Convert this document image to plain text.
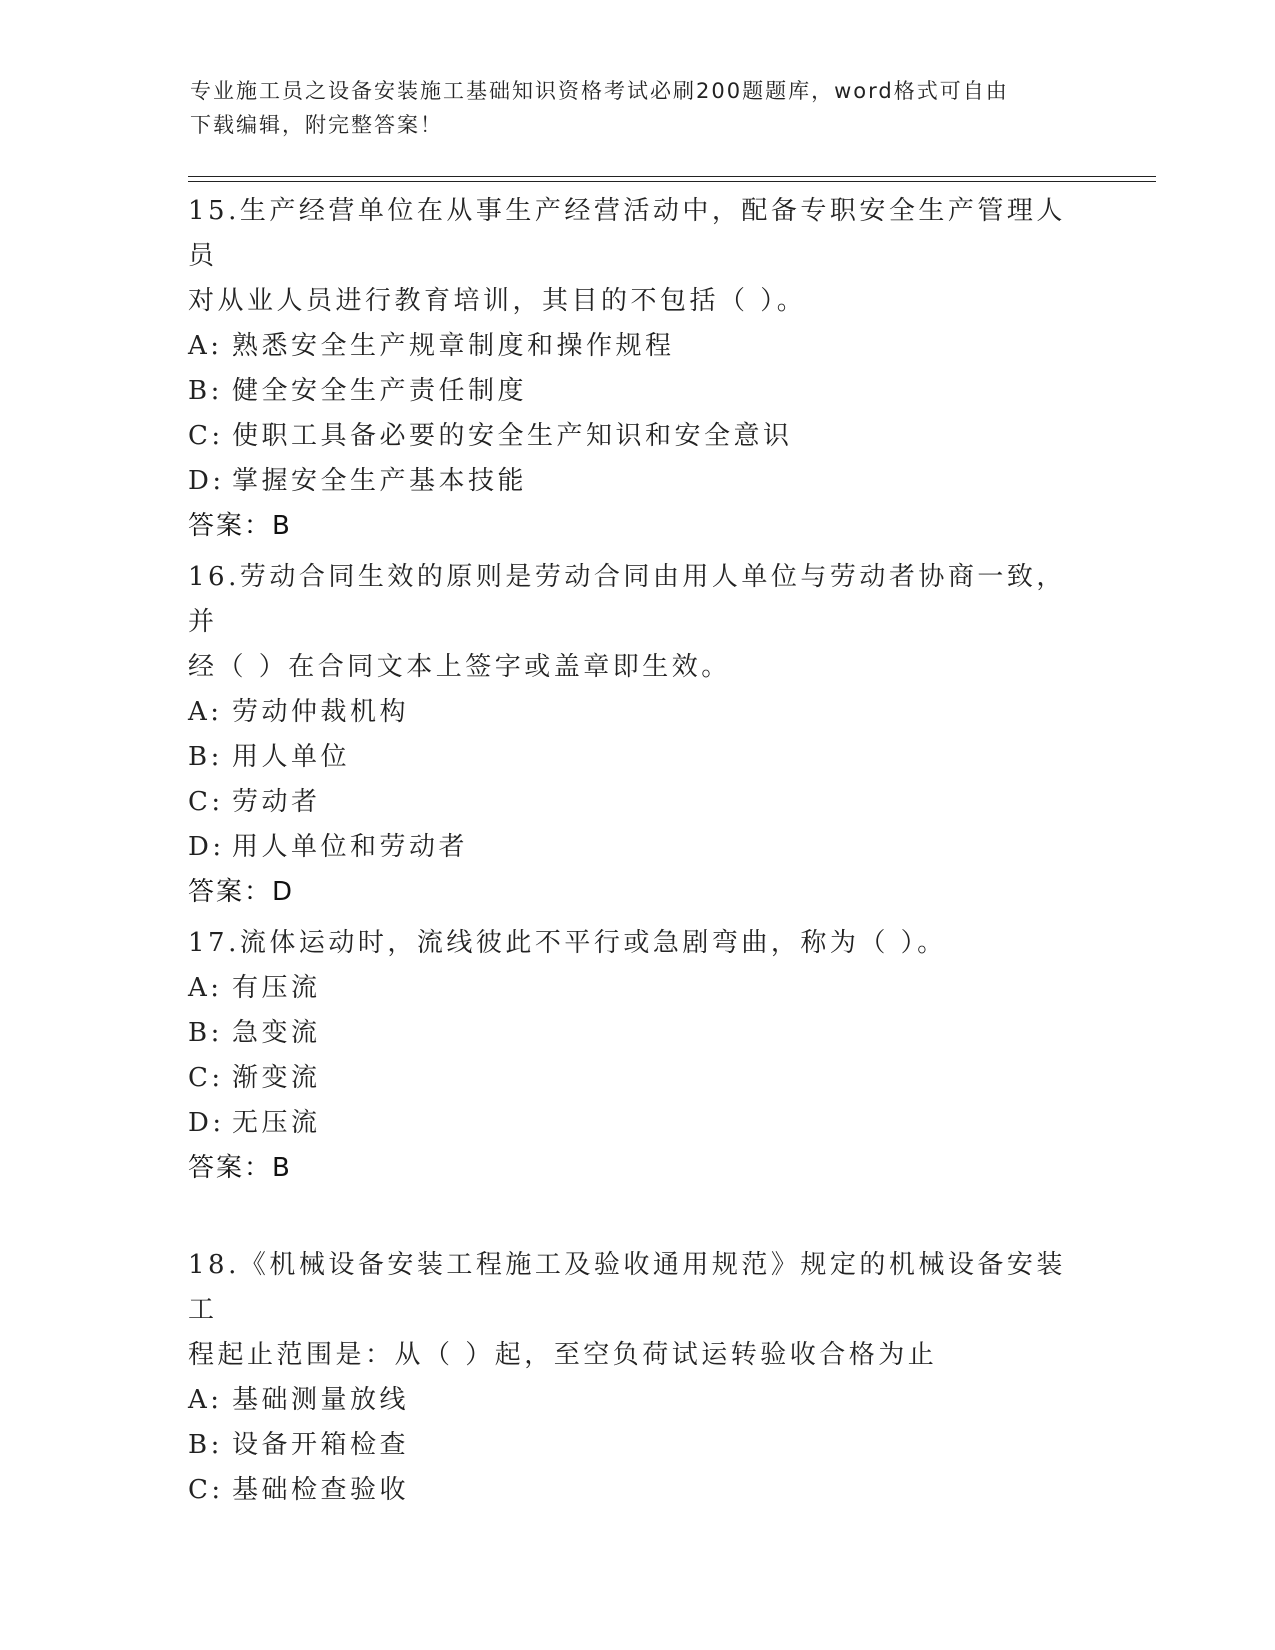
专业施工员之设备安装施工基础知识资格考试必刷200题题库，word格式可自由
下载编辑，附完整答案！
15.生产经营单位在从事生产经营活动中，配备专职安全生产管理人员
对从业人员进行教育培训，其目的不包括（ ）。
A: 熟悉安全生产规章制度和操作规程
B: 健全安全生产责任制度
C: 使职工具备必要的安全生产知识和安全意识
D: 掌握安全生产基本技能
答案：B
16.劳动合同生效的原则是劳动合同由用人单位与劳动者协商一致，并
经（ ）在合同文本上签字或盖章即生效。
A: 劳动仲裁机构
B: 用人单位
C: 劳动者
D: 用人单位和劳动者
答案：D
17.流体运动时，流线彼此不平行或急剧弯曲，称为（ ）。
A: 有压流
B: 急变流
C: 渐变流
D: 无压流
答案：B
18.《机械设备安装工程施工及验收通用规范》规定的机械设备安装工
程起止范围是：从（ ）起，至空负荷试运转验收合格为止
A: 基础测量放线
B: 设备开箱检查
C: 基础检查验收
